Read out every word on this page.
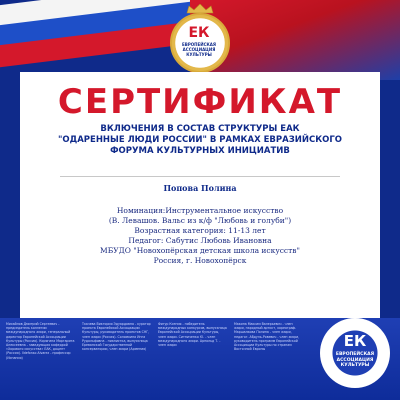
ЕК
ЕВРОПЕЙСКАЯ
АССОЦИАЦИЯ
КУЛЬТУРЫ
СЕРТИФИКАТ
ВКЛЮЧЕНИЯ В СОСТАВ СТРУКТУРЫ ЕАК
"ОДАРЕННЫЕ ЛЮДИ РОССИИ" В РАМКАХ ЕВРАЗИЙСКОГО
ФОРУМА КУЛЬТУРНЫХ ИНИЦИАТИВ
Попова Полина
Номинация:Инструментальное искусство
(В. Левашов. Вальс из к/ф "Любовь и голуби")
Возрастная категория: 11-13 лет
Педагог: Сабутис Любовь Ивановна
МБУДО "Новохопёрская детская школа искусств"
Россия, г. Новохопёрск
Михайлов Дмитрий Сергеевич - председатель коллегии международного жюри, генеральный директор Европейской Ассоциации Культуры (Россия). Корягина Маргарита Алексеевна - заведующая кафедрой «Хорового искусства» ЕАК, доцент (Россия). Ildefonso Alvarez - профессор (Испания)
Ткачева Виктория Эдуардовна - куратор проекта Европейской Ассоциации Культуры, руководитель проектов СНГ, член жюри (Россия). Соломкина Инга Рудольфовна - пианистка, выпускница Ереванской Государственной консерватории, член жюри (Армения)
Фигур Ксения - победитель международных конкурсов, выпускница Европейской Ассоциации Культуры, член жюри. Ситниченко Ю. - член международного жюри. Арнольд Т. - член жюри
Макина Максим Валерьевич - член жюри, народный артист, хореограф. Маршалкова Полина - член жюри, педагог. Абдуль-Ровевич - член жюри, руководитель программ Европейской Ассоциации Культуры по странам Восточной Европы	ЕК
ЕВРОПЕЙСКАЯ
АССОЦИАЦИЯ
КУЛЬТУРЫ
